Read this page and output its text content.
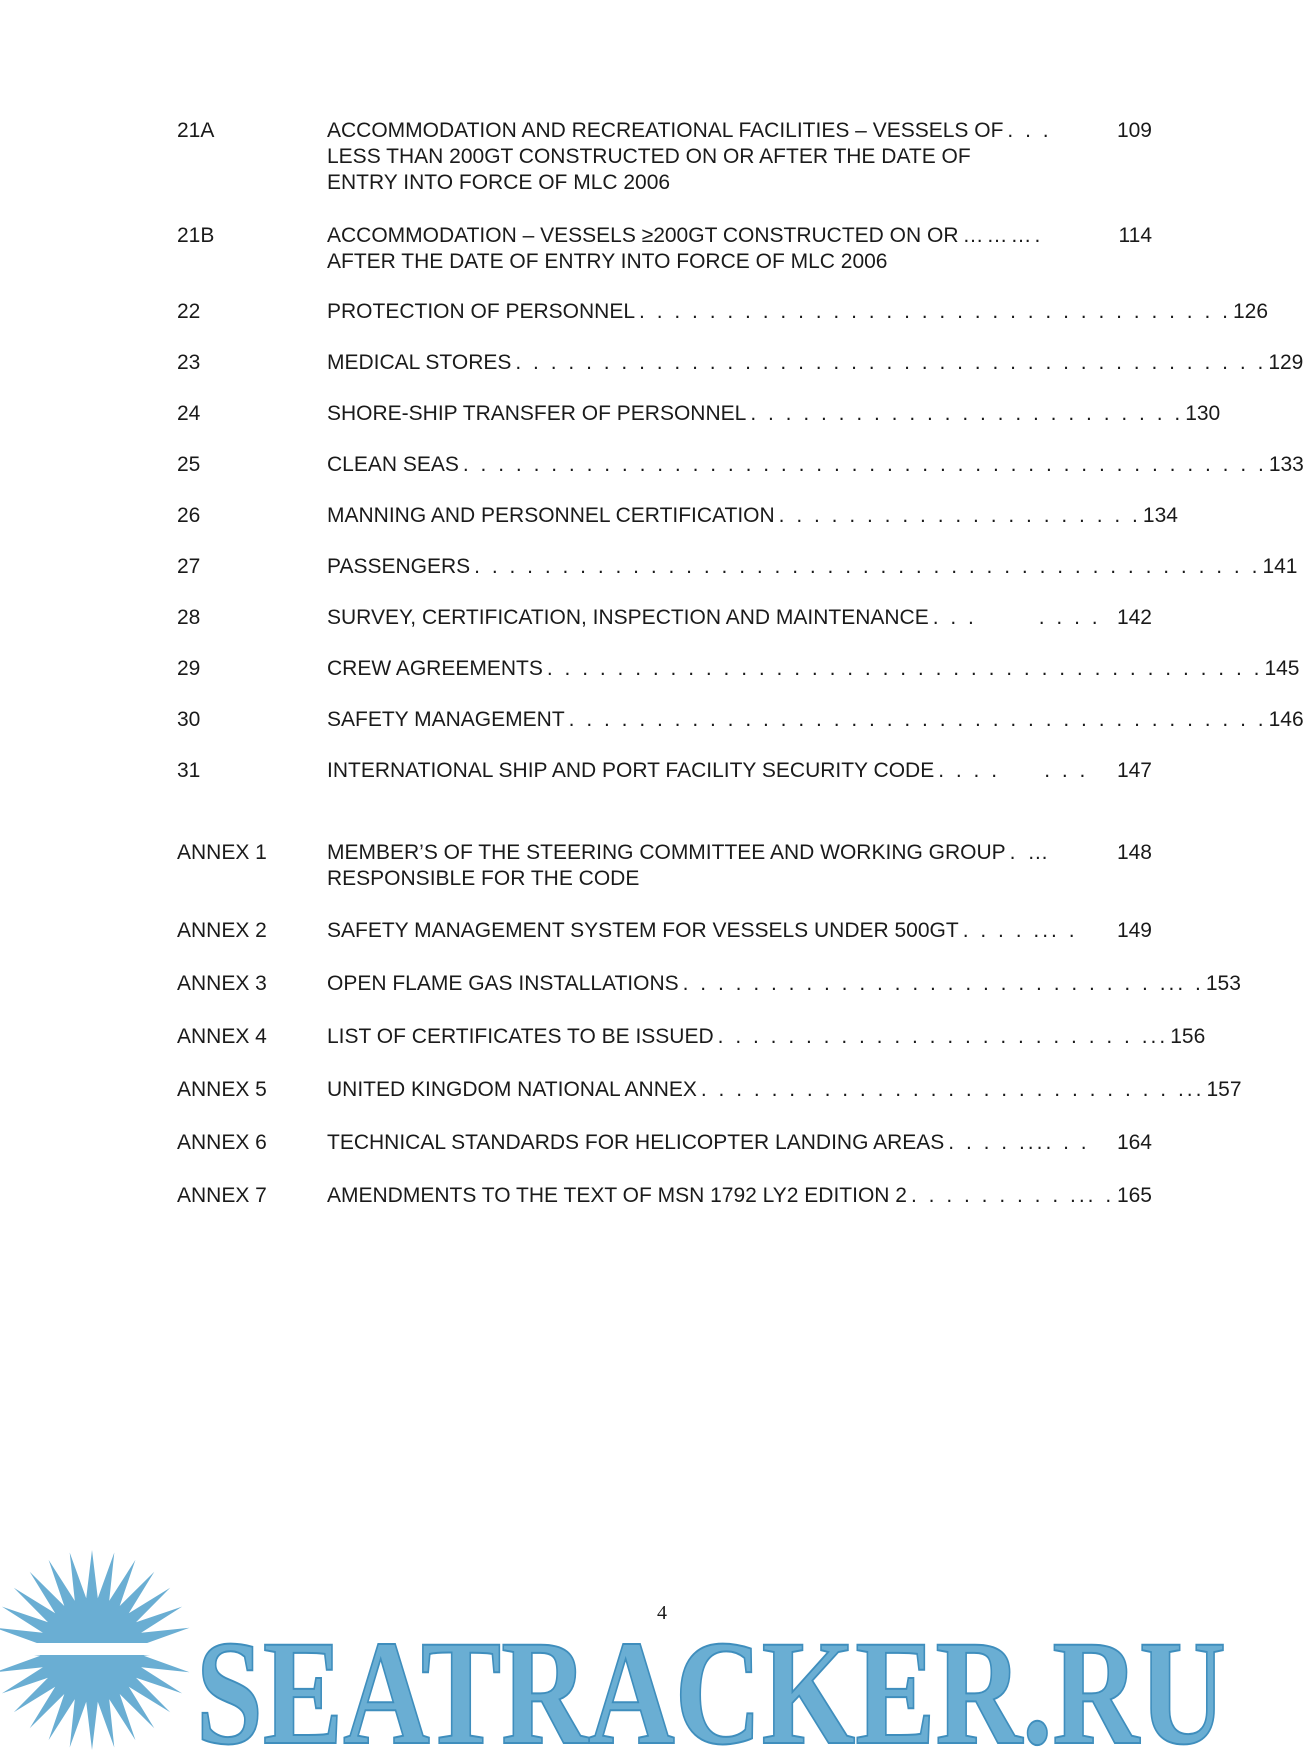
21A	ACCOMMODATION AND RECREATIONAL FACILITIES – VESSELS OF . . .	109
LESS THAN 200GT CONSTRUCTED ON OR AFTER THE DATE OF
ENTRY INTO FORCE OF MLC 2006
21B	ACCOMMODATION – VESSELS ≥200GT CONSTRUCTED ON OR ……….	114
AFTER THE DATE OF ENTRY INTO FORCE OF MLC 2006
22	PROTECTION OF PERSONNEL . . . . . . . . . . . . . . . . . . . . . . . . . . . . . . . . . . 126
23	MEDICAL STORES . . . . . . . . . . . . . . . . . . . . . . . . . . . . . . . . . . . . . . . . . . . 129
24	SHORE-SHIP TRANSFER OF PERSONNEL . . . . . . . . . . . . . . . . . . . . . . . . . 130
25	CLEAN SEAS . . . . . . . . . . . . . . . . . . . . . . . . . . . . . . . . . . . . . . . . . . . . . . 133
26	MANNING AND PERSONNEL CERTIFICATION . . . . . . . . . . . . . . . . . . . . . 134
27	PASSENGERS . . . . . . . . . . . . . . . . . . . . . . . . . . . . . . . . . . . . . . . . . . . . . 141
28	SURVEY, CERTIFICATION, INSPECTION AND MAINTENANCE . . .       . . . . 142
29	CREW AGREEMENTS . . . . . . . . . . . . . . . . . . . . . . . . . . . . . . . . . . . . . . . . . 145
30	SAFETY MANAGEMENT . . . . . . . . . . . . . . . . . . . . . . . . . . . . . . . . . . . . . . . . 146
31	INTERNATIONAL SHIP AND PORT FACILITY SECURITY CODE . . . .     . . .	147
ANNEX 1	MEMBER’S OF THE STEERING COMMITTEE AND WORKING GROUP . …	148
RESPONSIBLE FOR THE CODE
ANNEX 2	SAFETY MANAGEMENT SYSTEM FOR VESSELS UNDER 500GT . . . . ... .	149
ANNEX 3	OPEN FLAME GAS INSTALLATIONS . . . . . . . . . . . . . . . . . . . . . . . . . . . ... . 153
ANNEX 4	LIST OF CERTIFICATES TO BE ISSUED . . . . . . . . . . . . . . . . . . . . . . . . ... 156
ANNEX 5	UNITED KINGDOM NATIONAL ANNEX . . . . . . . . . . . . . . . . . . . . . . . . . . . ... 157
ANNEX 6	TECHNICAL STANDARDS FOR HELICOPTER LANDING AREAS . . . . .... . .	164
ANNEX 7	AMENDMENTS TO THE TEXT OF MSN 1792 LY2 EDITION 2 . . . . . . . . . ... . 165
SEATRACKER.RU
4
